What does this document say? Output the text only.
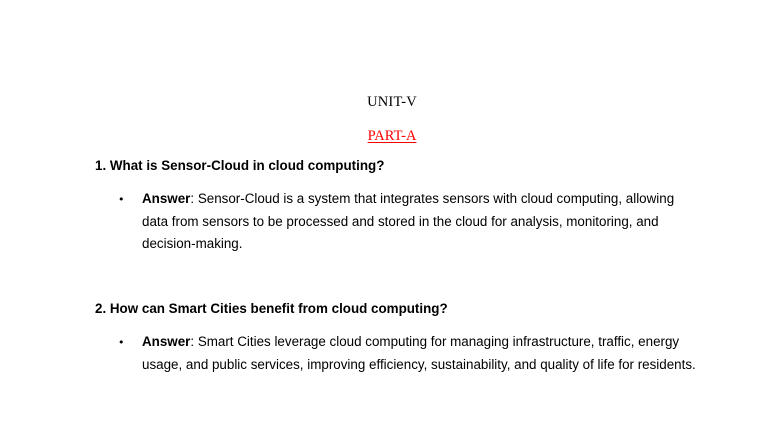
UNIT-V
PART-A
1. What is Sensor-Cloud in cloud computing?
• Answer: Sensor-Cloud is a system that integrates sensors with cloud computing, allowing data from sensors to be processed and stored in the cloud for analysis, monitoring, and decision-making.
2. How can Smart Cities benefit from cloud computing?
• Answer: Smart Cities leverage cloud computing for managing infrastructure, traffic, energy usage, and public services, improving efficiency, sustainability, and quality of life for residents.
